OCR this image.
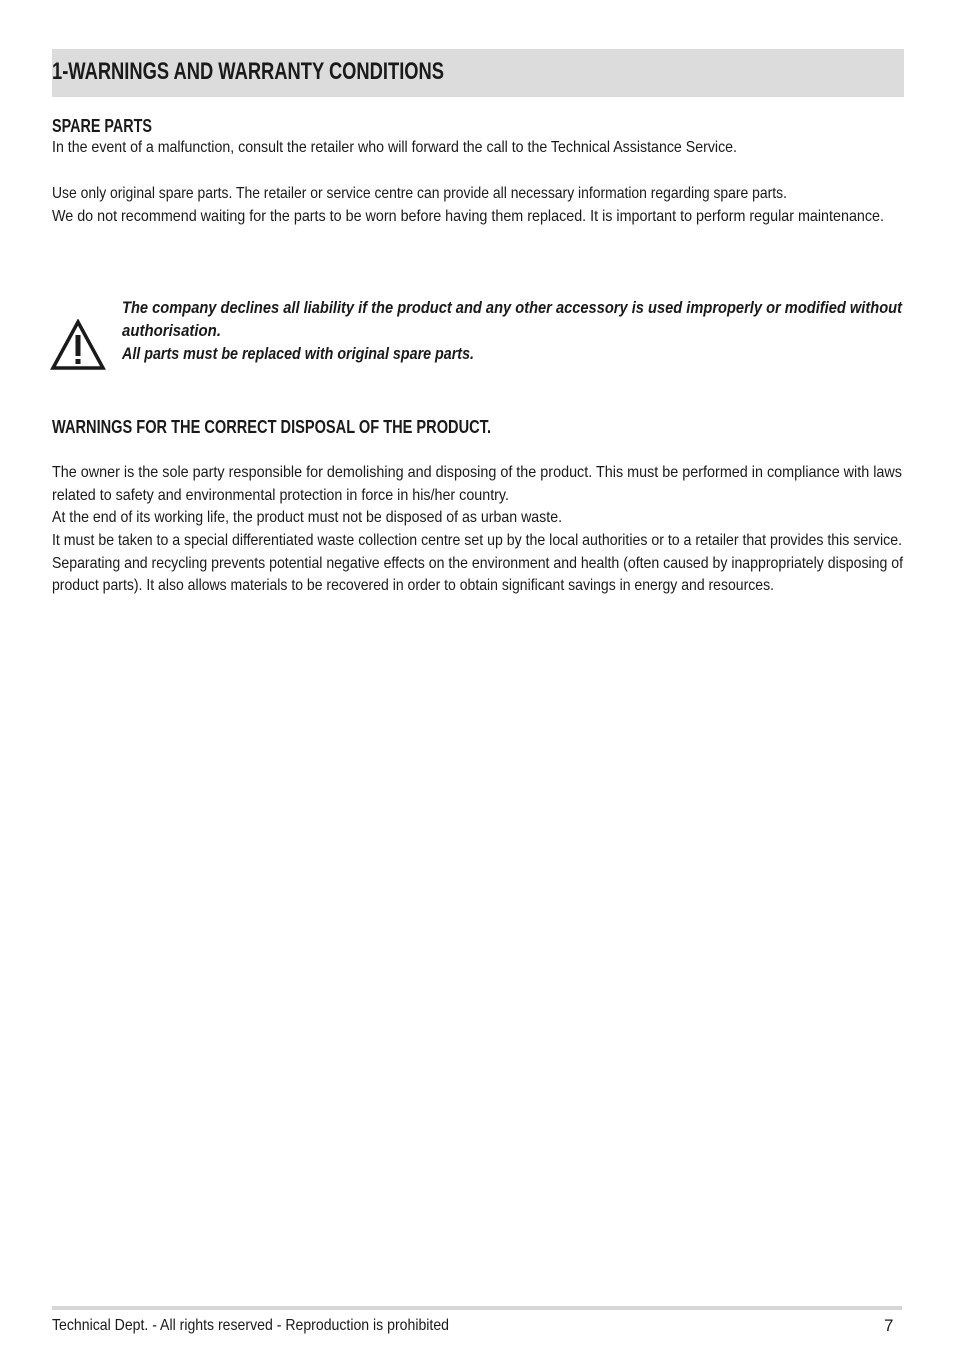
1-WARNINGS AND WARRANTY CONDITIONS
SPARE PARTS
In the event of a malfunction, consult the retailer who will forward the call to the Technical Assistance Service.
Use only original spare parts. The retailer or service centre can provide all necessary information regarding spare parts.
We do not recommend waiting for the parts to be worn before having them replaced. It is important to perform regular maintenance.
The company declines all liability if the product and any other accessory is used improperly or modified without
authorisation.
All parts must be replaced with original spare parts.
WARNINGS FOR THE CORRECT DISPOSAL OF THE PRODUCT.
The owner is the sole party responsible for demolishing and disposing of the product. This must be performed in compliance with laws
related to safety and environmental protection in force in his/her country.
At the end of its working life, the product must not be disposed of as urban waste.
It must be taken to a special differentiated waste collection centre set up by the local authorities or to a retailer that provides this service.
Separating and recycling prevents potential negative effects on the environment and health (often caused by inappropriately disposing of
product parts). It also allows materials to be recovered in order to obtain significant savings in energy and resources.
Technical Dept. - All rights reserved - Reproduction is prohibited	7
